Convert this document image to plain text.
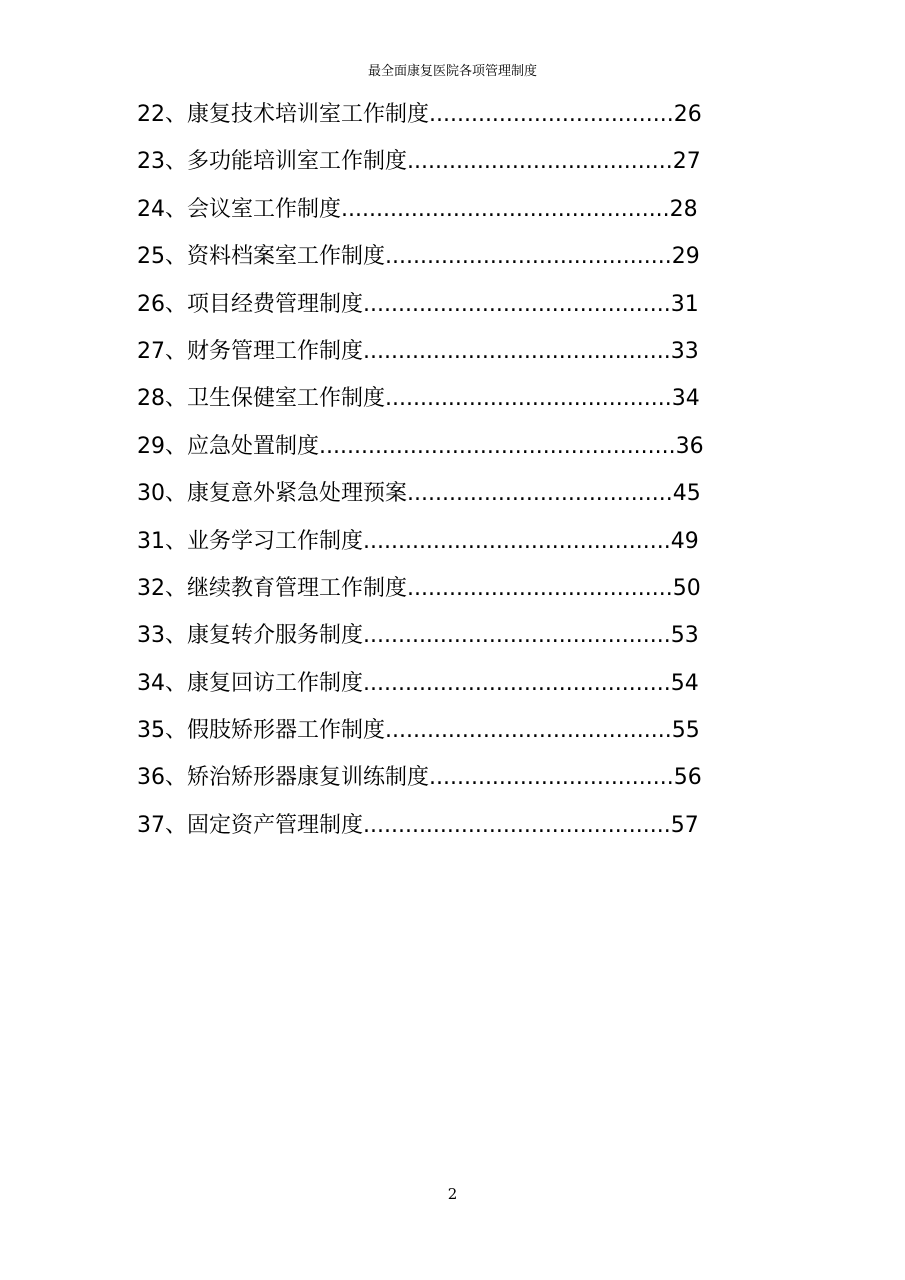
最全面康复医院各项管理制度
22、康复技术培训室工作制度...................................26
23、多功能培训室工作制度......................................27
24、会议室工作制度...............................................28
25、资料档案室工作制度.........................................29
26、项目经费管理制度............................................31
27、财务管理工作制度............................................33
28、卫生保健室工作制度.........................................34
29、应急处置制度...................................................36
30、康复意外紧急处理预案......................................45
31、业务学习工作制度............................................49
32、继续教育管理工作制度......................................50
33、康复转介服务制度............................................53
34、康复回访工作制度............................................54
35、假肢矫形器工作制度.........................................55
36、矫治矫形器康复训练制度...................................56
37、固定资产管理制度............................................57
2
